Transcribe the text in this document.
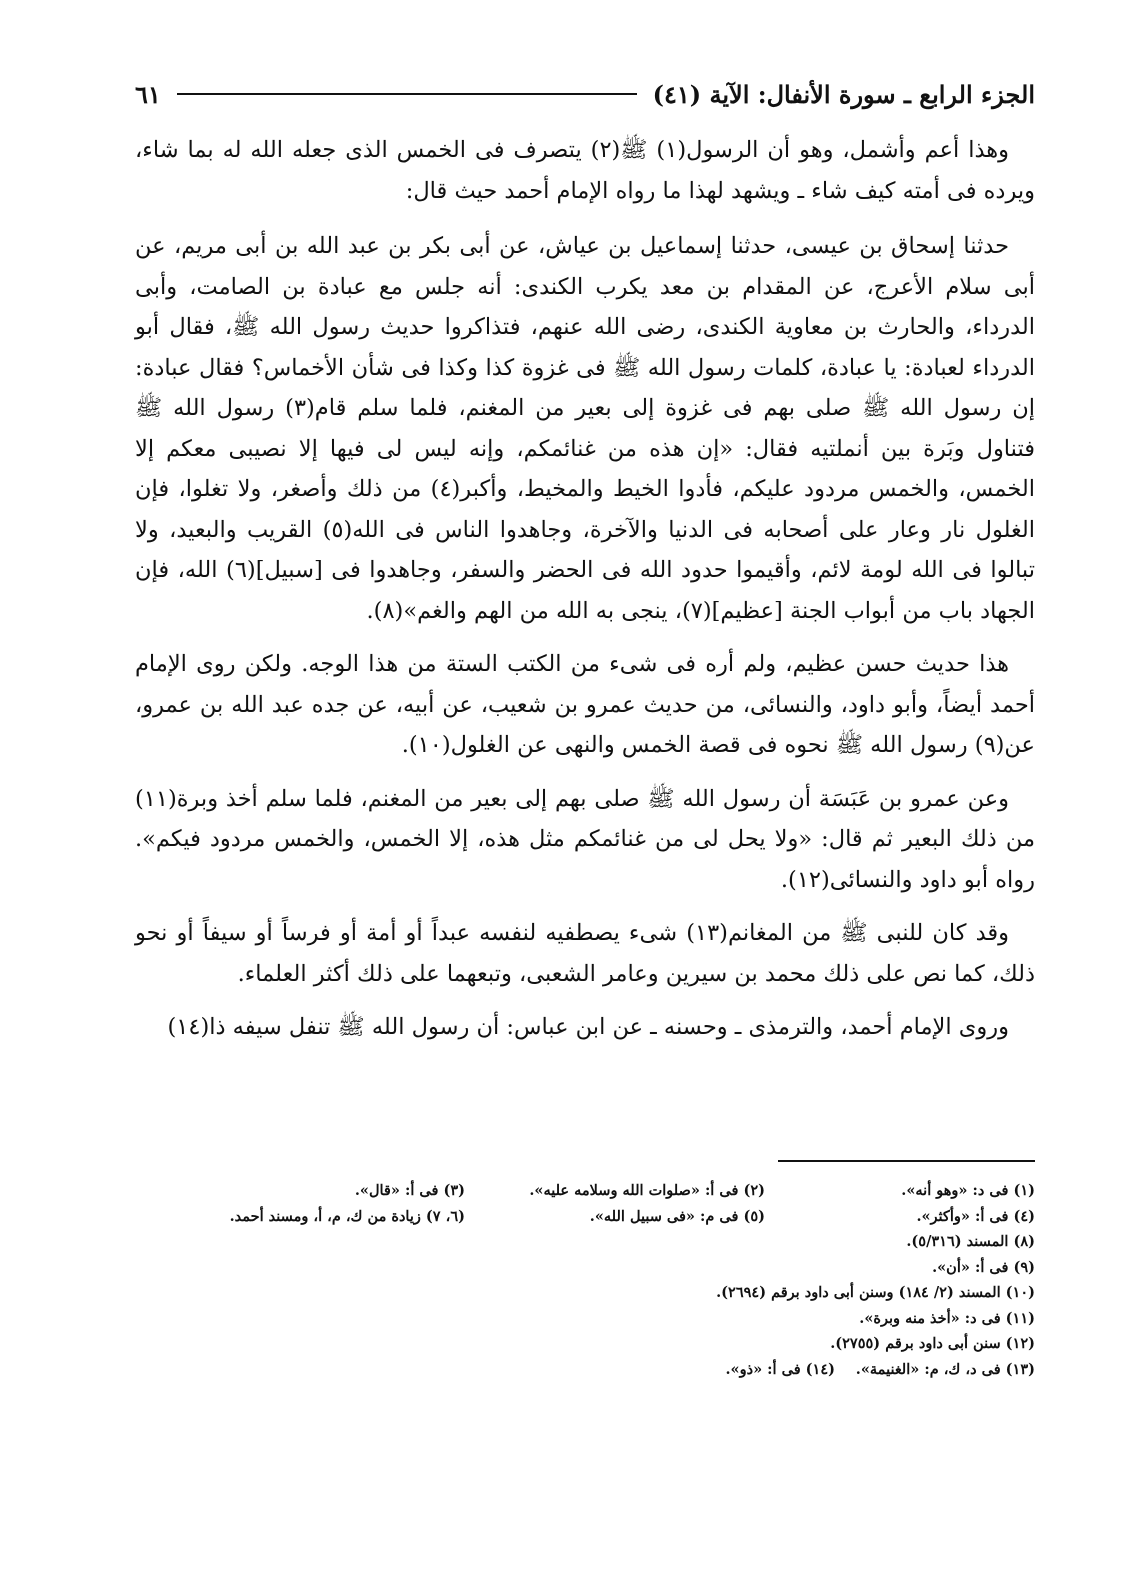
الجزء الرابع ـ سورة الأنفال: الآية (٤١)
٦١

وهذا أعم وأشمل، وهو أن الرسول(١) ﷺ(٢) يتصرف فى الخمس الذى جعله الله له بما شاء، ويرده فى أمته كيف شاء ـ ويشهد لهذا ما رواه الإمام أحمد حيث قال:

حدثنا إسحاق بن عيسى، حدثنا إسماعيل بن عياش، عن أبى بكر بن عبد الله بن أبى مريم، عن أبى سلام الأعرج، عن المقدام بن معد يكرب الكندى: أنه جلس مع عبادة بن الصامت، وأبى الدرداء، والحارث بن معاوية الكندى، رضى الله عنهم، فتذاكروا حديث رسول الله ﷺ، فقال أبو الدرداء لعبادة: يا عبادة، كلمات رسول الله ﷺ فى غزوة كذا وكذا فى شأن الأخماس؟ فقال عبادة: إن رسول الله ﷺ صلى بهم فى غزوة إلى بعير من المغنم، فلما سلم قام(٣) رسول الله ﷺ فتناول وبَرة بين أنملتيه فقال: «إن هذه من غنائمكم، وإنه ليس لى فيها إلا نصيبى معكم إلا الخمس، والخمس مردود عليكم، فأدوا الخيط والمخيط، وأكبر(٤) من ذلك وأصغر، ولا تغلوا، فإن الغلول نار وعار على أصحابه فى الدنيا والآخرة، وجاهدوا الناس فى الله(٥) القريب والبعيد، ولا تبالوا فى الله لومة لائم، وأقيموا حدود الله فى الحضر والسفر، وجاهدوا فى [سبيل](٦) الله، فإن الجهاد باب من أبواب الجنة [عظيم](٧)، ينجى به الله من الهم والغم»(٨).

هذا حديث حسن عظيم، ولم أره فى شىء من الكتب الستة من هذا الوجه. ولكن روى الإمام أحمد أيضاً، وأبو داود، والنسائى، من حديث عمرو بن شعيب، عن أبيه، عن جده عبد الله بن عمرو، عن(٩) رسول الله ﷺ نحوه فى قصة الخمس والنهى عن الغلول(١٠).

وعن عمرو بن عَبَسَة أن رسول الله ﷺ صلى بهم إلى بعير من المغنم، فلما سلم أخذ وبرة(١١) من ذلك البعير ثم قال: «ولا يحل لى من غنائمكم مثل هذه، إلا الخمس، والخمس مردود فيكم». رواه أبو داود والنسائى(١٢).

وقد كان للنبى ﷺ من المغانم(١٣) شىء يصطفيه لنفسه عبداً أو أمة أو فرساً أو سيفاً أو نحو ذلك، كما نص على ذلك محمد بن سيرين وعامر الشعبى، وتبعهما على ذلك أكثر العلماء.

وروى الإمام أحمد، والترمذى ـ وحسنه ـ عن ابن عباس: أن رسول الله ﷺ تنفل سيفه ذا(١٤)

(١) فى د: «وهو أنه».
(٢) فى أ: «صلوات الله وسلامه عليه».
(٣) فى أ: «قال».
(٤) فى أ: «وأكثر».
(٥) فى م: «فى سبيل الله».
(٦، ٧) زيادة من ك، م، أ، ومسند أحمد.
(٨) المسند (٥/٣١٦).
(٩) فى أ: «أن».
(١٠) المسند (٢/ ١٨٤) وسنن أبى داود برقم (٢٦٩٤).
(١١) فى د: «أخذ منه وبرة».
(١٢) سنن أبى داود برقم (٢٧٥٥).
(١٣) فى د، ك، م: «الغنيمة».
(١٤) فى أ: «ذو».
